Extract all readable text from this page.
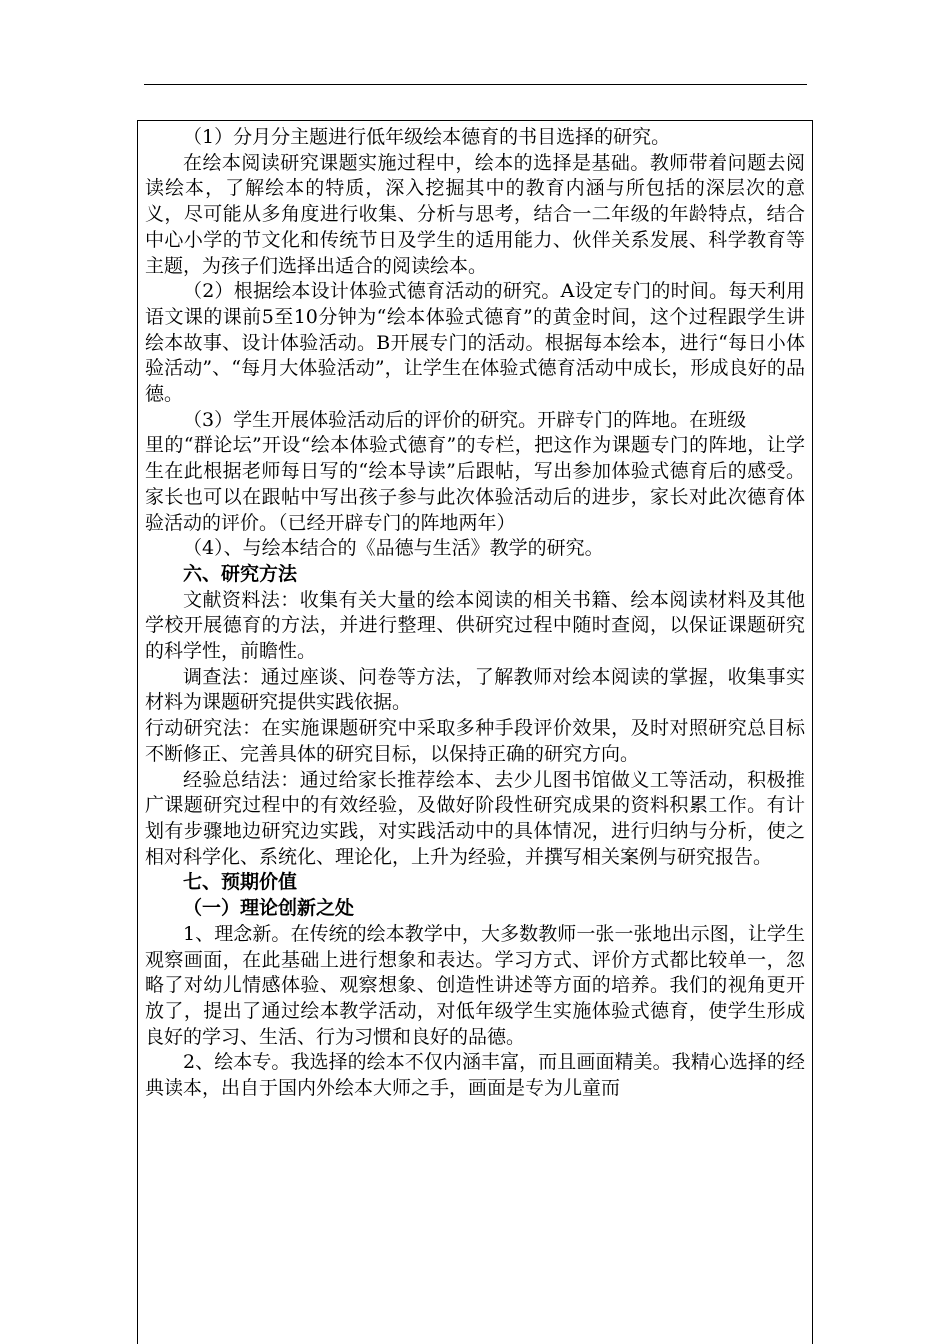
（1）分月分主题进行低年级绘本德育的书目选择的研究。

在绘本阅读研究课题实施过程中，绘本的选择是基础。教师带着问题去阅读绘本，了解绘本的特质，深入挖掘其中的教育内涵与所包括的深层次的意义，尽可能从多角度进行收集、分析与思考，结合一二年级的年龄特点，结合中心小学的节文化和传统节日及学生的适用能力、伙伴关系发展、科学教育等主题，为孩子们选择出适合的阅读绘本。

（2）根据绘本设计体验式德育活动的研究。A设定专门的时间。每天利用语文课的课前5至10分钟为“绘本体验式德育”的黄金时间，这个过程跟学生讲绘本故事、设计体验活动。B开展专门的活动。根据每本绘本，进行“每日小体验活动”、“每月大体验活动”，让学生在体验式德育活动中成长，形成良好的品德。

（3）学生开展体验活动后的评价的研究。开辟专门的阵地。在班级

里的“群论坛”开设“绘本体验式德育”的专栏，把这作为课题专门的阵地，让学生在此根据老师每日写的“绘本导读”后跟帖，写出参加体验式德育后的感受。家长也可以在跟帖中写出孩子参与此次体验活动后的进步，家长对此次德育体验活动的评价。（已经开辟专门的阵地两年）

（4）、与绘本结合的《品德与生活》教学的研究。

六、研究方法

文献资料法：收集有关大量的绘本阅读的相关书籍、绘本阅读材料及其他学校开展德育的方法，并进行整理、供研究过程中随时查阅，以保证课题研究的科学性，前瞻性。

调查法：通过座谈、问卷等方法，了解教师对绘本阅读的掌握，收集事实材料为课题研究提供实践依据。

行动研究法：在实施课题研究中采取多种手段评价效果，及时对照研究总目标不断修正、完善具体的研究目标，以保持正确的研究方向。

经验总结法：通过给家长推荐绘本、去少儿图书馆做义工等活动，积极推广课题研究过程中的有效经验，及做好阶段性研究成果的资料积累工作。有计划有步骤地边研究边实践，对实践活动中的具体情况，进行归纳与分析，使之相对科学化、系统化、理论化，上升为经验，并撰写相关案例与研究报告。

七、预期价值

（一）理论创新之处

1、理念新。在传统的绘本教学中，大多数教师一张一张地出示图，让学生观察画面，在此基础上进行想象和表达。学习方式、评价方式都比较单一，忽略了对幼儿情感体验、观察想象、创造性讲述等方面的培养。我们的视角更开放了，提出了通过绘本教学活动，对低年级学生实施体验式德育，使学生形成良好的学习、生活、行为习惯和良好的品德。

2、绘本专。我选择的绘本不仅内涵丰富，而且画面精美。我精心选择的经典读本，出自于国内外绘本大师之手，画面是专为儿童而
